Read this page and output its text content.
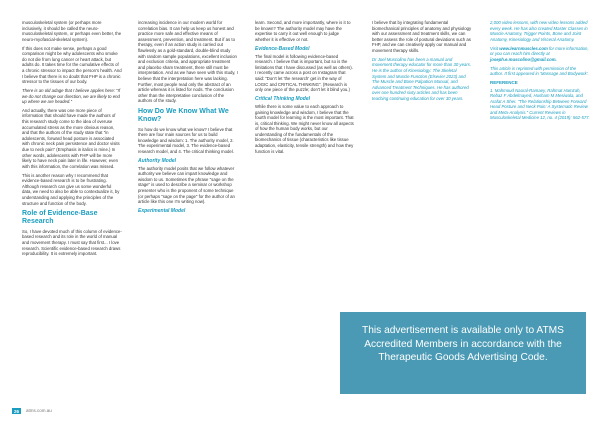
musculoskeletal system (or perhaps more inclusively, it should be called the neuro-musculoskeletal system, or perhaps even better, the neuro-myofascial-skeletal system).

If this does not make sense, perhaps a good comparison might be why adolescents who smoke do not die from lung cancer or heart attack, but adults do. It takes time for the cumulative effects of a chronic stressor to impact the person's health. And I believe that there is no doubt that FHP is a chronic stressor to the tissues of our body.

There is an old adage that I believe applies here: "If we do not change our direction, we are likely to end up where we are headed."

And actually, there was one more piece of information that should have made the authors of this research study come to the idea of overuse accumulated stress as the more obvious reason, and that the authors of the study state that "in adolescents, forward head posture is associated with chronic neck pain persistence and doctor visits due to neck pain" (Emphasis in italics is mine.) In other words, adolescents with FHP will be more likely to have neck pain later in life. However, even with this information, the correlation was missed.

This is another reason why I recommend that evidence-based research is to be frustrating. Although research can give us some wonderful data, we need to also be able to contextualize it, by understanding and applying the principles of the structure and function of the body.

Role of Evidence-Base Research

So, I have devoted much of this column of evidence-based research and its role in the world of manual and movement therapy. I must say that first... I love research. Scientific evidence-based research draws reproducibility. It is extremely important.

increasing incidence in our modern world for correlation bias. It can help us keep us honest and practice more safe and effective means of assessment, prevention, and treatment. But if as to therapy, even if an action study is carried out flawlessly as a gold-standard, double-blind study with random sample populations, excellent inclusion and exclusion criteria, and appropriate treatment and placebo sham treatment, there still must be interpretation. And as we have seen with this study, I believe that the interpretation here was lacking. Further, most people read only the abstract of an article whereas it is listed for nods. The conclusion other than the interpretative conclusion of the authors of the study.

How Do We Know What We Know?

So how do we know what we know? I believe that there are four main sources for us to build knowledge and wisdom: 1. The authority model, 2. The experimental model, 3. The evidence-based research model, and 4. The critical thinking model.

Authority Model

The authority model posits that we follow whatever authority we believe can impart knowledge and wisdom to us. Sometimes the phrase "sage on the stage" is used to describe a seminar or workshop presenter who is the proponent of some technique (or perhaps "sage on the page" for the author of an article like this one I'm writing now).

Experimental Model

learn. Second, and more importantly, where is it to be known? The authority model may have the expertise to carry it out well enough to judge whether it is effective or not.

Evidence-Based Model

The final model is following evidence-based research. I believe that is important, but so is the limitations that I have discussed (as well as others). I recently came across a post on Instagram that said: "Don't let 'the research' get in the way of LOGIC and CRITICAL THINKING". (Research is only one piece of the puzzle; don't let it blind you.)

Critical Thinking Model

While there is some value to each approach to gaining knowledge and wisdom, I believe that the fourth model for learning is the most important. That is, critical thinking. We might never know all aspects of how the human body works, but our understanding of the fundamentals of the biomechanics of tissue (characteristics like tissue adaptation, elasticity, tensile strength) and how they function is vital.

I believe that by integrating fundamental biomechanical principles of anatomy and physiology with our assessment and treatment skills, we can better assess the role of postural deviations such as FHP, and we can creatively apply our manual and movement therapy skills.

Dr Joel Muscolino has been a manual and movement therapy educator for more than 30 years. He is the author of Kinesiology: The Skeletal System and Muscle Function (Elsevier 2023) and The Muscle and Bone Palpation Manual, and Advanced Treatment Techniques. He has authored over one hundred sixty articles and has been teaching continuing education for over 30 years.

2,000 video lessons, with new video lessons added every week. He has also created Master Classes in Muscle Anatomy, Trigger Points, Bone and Joint Anatomy, Kinesiology and Visceral Anatomy.

Visit www.learnmuscles.com for more information, or you can reach him directly at joseph.e.muscolino@gmail.com.

This article is reprinted with permission of the author. It first appeared in 'Massage and Bodywork'.

REFERENCE

1. Mahmoud Naoral-Ramaey, Rahmat Hamzah, Rebaz F Abdelmayed, Husham M Mesiwala, and Arafat A Sher. "The Relationship Between Forward Head Posture and Neck Pain: A Systematic Review and Meta-Analysis." Current Reviews in Musculoskeletal Medicine 12, no. 4 (2019): 562-577.

This advertisement is available only to ATMS Accredited Members in accordance with the Therapeutic Goods Advertising Code.
26	atms.com.au
